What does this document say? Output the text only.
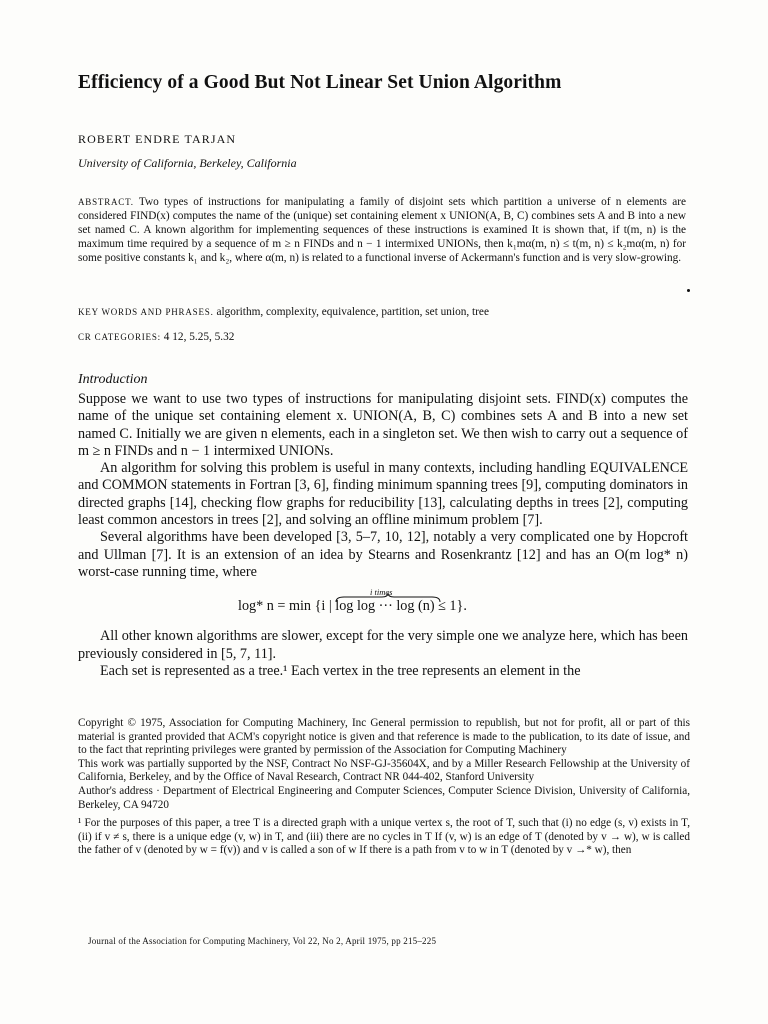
Efficiency of a Good But Not Linear Set Union Algorithm
ROBERT ENDRE TARJAN
University of California, Berkeley, California
ABSTRACT. Two types of instructions for manipulating a family of disjoint sets which partition a universe of n elements are considered FIND(x) computes the name of the (unique) set containing element x UNION(A, B, C) combines sets A and B into a new set named C. A known algorithm for implementing sequences of these instructions is examined It is shown that, if t(m, n) is the maximum time required by a sequence of m ≥ n FINDs and n − 1 intermixed UNIONs, then k₁mα(m, n) ≤ t(m, n) ≤ k₂mα(m, n) for some positive constants k₁ and k₂, where α(m, n) is related to a functional inverse of Ackermann's function and is very slow-growing.
KEY WORDS AND PHRASES. algorithm, complexity, equivalence, partition, set union, tree
CR CATEGORIES: 4 12, 5.25, 5.32
Introduction

Suppose we want to use two types of instructions for manipulating disjoint sets. FIND(x) computes the name of the unique set containing element x. UNION(A, B, C) combines sets A and B into a new set named C. Initially we are given n elements, each in a singleton set. We then wish to carry out a sequence of m ≥ n FINDs and n − 1 intermixed UNIONs.

An algorithm for solving this problem is useful in many contexts, including handling EQUIVALENCE and COMMON statements in Fortran [3, 6], finding minimum spanning trees [9], computing dominators in directed graphs [14], checking flow graphs for reducibility [13], calculating depths in trees [2], computing least common ancestors in trees [2], and solving an offline minimum problem [7].

Several algorithms have been developed [3, 5–7, 10, 12], notably a very complicated one by Hopcroft and Ullman [7]. It is an extension of an idea by Stearns and Rosenkrantz [12] and has an O(m log* n) worst-case running time, where

i times
log* n = min {i | log log ··· log (n) ≤ 1}.

All other known algorithms are slower, except for the very simple one we analyze here, which has been previously considered in [5, 7, 11].

Each set is represented as a tree.¹ Each vertex in the tree represents an element in the

Copyright © 1975, Association for Computing Machinery, Inc General permission to republish, but not for profit, all or part of this material is granted provided that ACM's copyright notice is given and that reference is made to the publication, to its date of issue, and to the fact that reprinting privileges were granted by permission of the Association for Computing Machinery

This work was partially supported by the NSF, Contract No NSF-GJ-35604X, and by a Miller Research Fellowship at the University of California, Berkeley, and by the Office of Naval Research, Contract NR 044-402, Stanford University

Author's address · Department of Electrical Engineering and Computer Sciences, Computer Science Division, University of California, Berkeley, CA 94720

¹ For the purposes of this paper, a tree T is a directed graph with a unique vertex s, the root of T, such that (i) no edge (s, v) exists in T, (ii) if v ≠ s, there is a unique edge (v, w) in T, and (iii) there are no cycles in T If (v, w) is an edge of T (denoted by v → w), w is called the father of v (denoted by w = f(v)) and v is called a son of w If there is a path from v to w in T (denoted by v →* w), then

Journal of the Association for Computing Machinery, Vol 22, No 2, April 1975, pp 215–225
